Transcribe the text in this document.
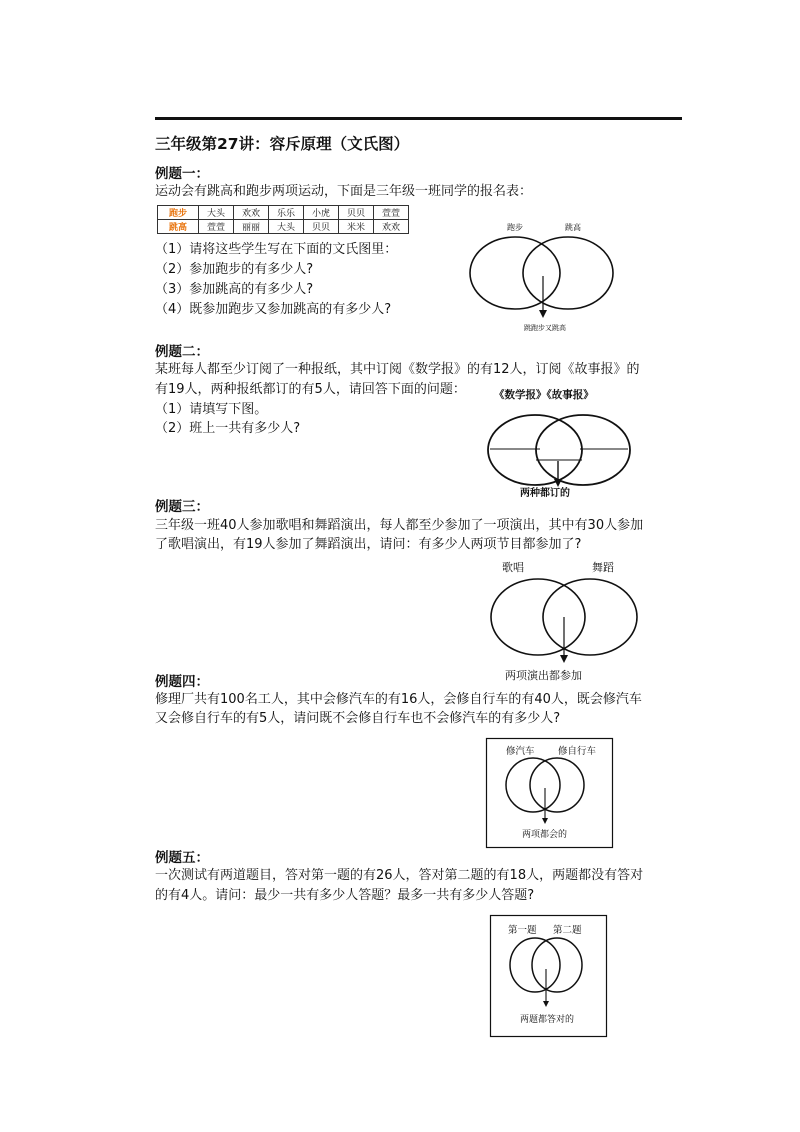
三年级第27讲：容斥原理（文氏图）
例题一：
运动会有跳高和跑步两项运动，下面是三年级一班同学的报名表：
跑步	大头	欢欢	乐乐	小虎	贝贝	萱萱
跳高	萱萱	丽丽	大头	贝贝	米米	欢欢
（1）请将这些学生写在下面的文氏图里：
（2）参加跑步的有多少人?
（3）参加跳高的有多少人?
（4）既参加跑步又参加跳高的有多少人?
跑步	跳高
跳跑步又跳高
例题二：
某班每人都至少订阅了一种报纸，其中订阅《数学报》的有12人，订阅《故事报》的
有19人，两种报纸都订的有5人，请回答下面的问题：
（1）请填写下图。
（2）班上一共有多少人?
《数学报》《故事报》
两种都订的
例题三：
三年级一班40人参加歌唱和舞蹈演出，每人都至少参加了一项演出，其中有30人参加
了歌唱演出，有19人参加了舞蹈演出，请问：有多少人两项节目都参加了?
歌唱	舞蹈
两项演出都参加
例题四：
修理厂共有100名工人，其中会修汽车的有16人，会修自行车的有40人，既会修汽车
又会修自行车的有5人，请问既不会修自行车也不会修汽车的有多少人?
修汽车 修自行车
两项都会的
例题五：
一次测试有两道题目，答对第一题的有26人，答对第二题的有18人，两题都没有答对
的有4人。请问：最少一共有多少人答题？最多一共有多少人答题?
第一题 第二题
两题都答对的
